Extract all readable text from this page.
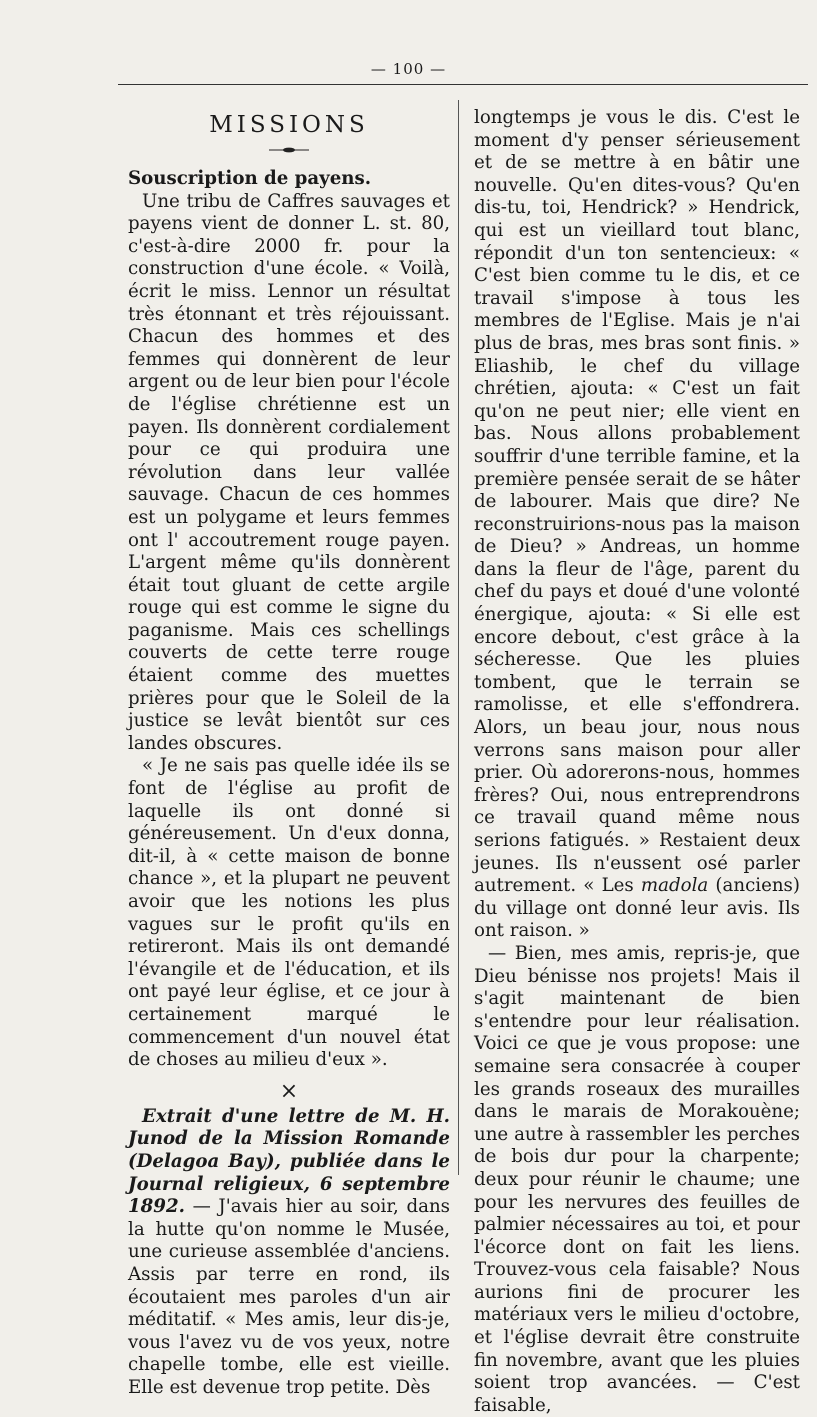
— 100 —
MISSIONS

Souscription de payens.

Une tribu de Caffres sauvages et payens vient de donner L. st. 80, c'est-à-dire 2000 fr. pour la construction d'une école. « Voilà, écrit le miss. Lennor un résultat très étonnant et très réjouissant. Chacun des hommes et des femmes qui donnèrent de leur argent ou de leur bien pour l'école de l'église chrétienne est un payen. Ils donnèrent cordialement pour ce qui produira une révolution dans leur vallée sauvage. Chacun de ces hommes est un polygame et leurs femmes ont l' accoutrement rouge payen. L'argent même qu'ils donnèrent était tout gluant de cette argile rouge qui est comme le signe du paganisme. Mais ces schellings couverts de cette terre rouge étaient comme des muettes prières pour que le Soleil de la justice se levât bientôt sur ces landes obscures.

« Je ne sais pas quelle idée ils se font de l'église au profit de laquelle ils ont donné si généreusement. Un d'eux donna, dit-il, à « cette maison de bonne chance », et la plupart ne peuvent avoir que les notions les plus vagues sur le profit qu'ils en retireront. Mais ils ont demandé l'évangile et de l'éducation, et ils ont payé leur église, et ce jour à certainement marqué le commencement d'un nouvel état de choses au milieu d'eux ».

×

Extrait d'une lettre de M. H. Junod de la Mission Romande (Delagoa Bay), publiée dans le Journal religieux, 6 septembre 1892. — J'avais hier au soir, dans la hutte qu'on nomme le Musée, une curieuse assemblée d'anciens. Assis par terre en rond, ils écoutaient mes paroles d'un air méditatif. « Mes amis, leur dis-je, vous l'avez vu de vos yeux, notre chapelle tombe, elle est vieille. Elle est devenue trop petite. Dès

longtemps je vous le dis. C'est le moment d'y penser sérieusement et de se mettre à en bâtir une nouvelle. Qu'en dites-vous? Qu'en dis-tu, toi, Hendrick? » Hendrick, qui est un vieillard tout blanc, répondit d'un ton sentencieux: « C'est bien comme tu le dis, et ce travail s'impose à tous les membres de l'Eglise. Mais je n'ai plus de bras, mes bras sont finis. » Eliashib, le chef du village chrétien, ajouta: « C'est un fait qu'on ne peut nier; elle vient en bas. Nous allons probablement souffrir d'une terrible famine, et la première pensée serait de se hâter de labourer. Mais que dire? Ne reconstruirions-nous pas la maison de Dieu? » Andreas, un homme dans la fleur de l'âge, parent du chef du pays et doué d'une volonté énergique, ajouta: « Si elle est encore debout, c'est grâce à la sécheresse. Que les pluies tombent, que le terrain se ramolisse, et elle s'effondrera. Alors, un beau jour, nous nous verrons sans maison pour aller prier. Où adorerons-nous, hommes frères? Oui, nous entreprendrons ce travail quand même nous serions fatigués. » Restaient deux jeunes. Ils n'eussent osé parler autrement. « Les madola (anciens) du village ont donné leur avis. Ils ont raison. »

— Bien, mes amis, repris-je, que Dieu bénisse nos projets! Mais il s'agit maintenant de bien s'entendre pour leur réalisation. Voici ce que je vous propose: une semaine sera consacrée à couper les grands roseaux des murailles dans le marais de Morakouène; une autre à rassembler les perches de bois dur pour la charpente; deux pour réunir le chaume; une pour les nervures des feuilles de palmier nécessaires au toi, et pour l'écorce dont on fait les liens. Trouvez-vous cela faisable? Nous aurions fini de procurer les matériaux vers le milieu d'octobre, et l'église devrait être construite fin novembre, avant que les pluies soient trop avancées. — C'est faisable,
